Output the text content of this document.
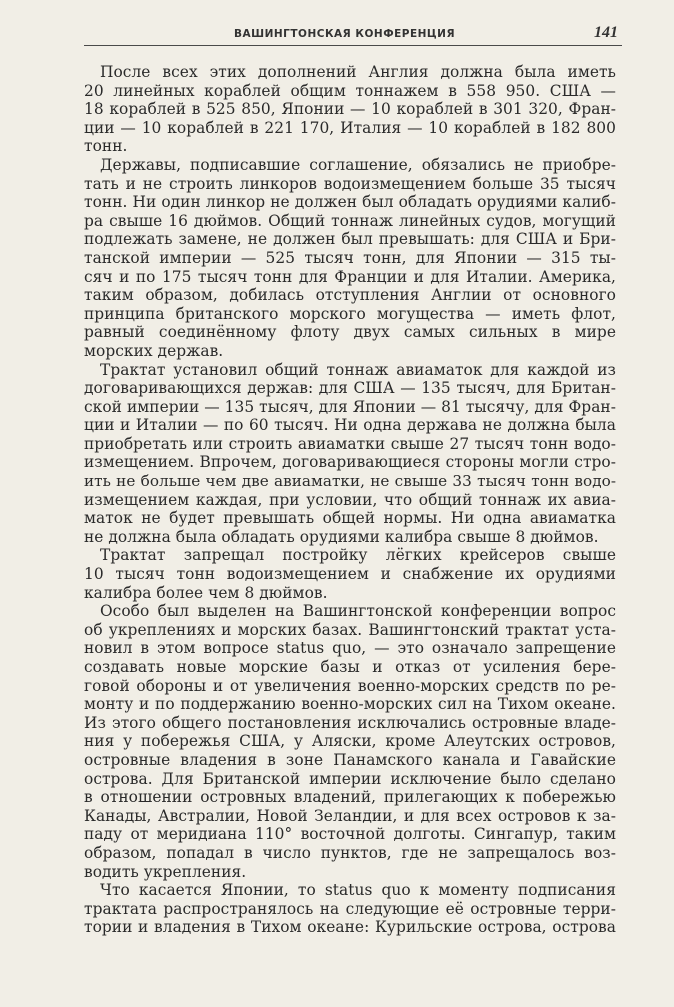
ВАШИНГТОНСКАЯ КОНФЕРЕНЦИЯ	141
После всех этих дополнений Англия должна была иметь
20 линейных кораблей общим тоннажем в 558 950. США —
18 кораблей в 525 850, Японии — 10 кораблей в 301 320, Фран-
ции — 10 кораблей в 221 170, Италия — 10 кораблей в 182 800
тонн.
Державы, подписавшие соглашение, обязались не приобре-
тать и не строить линкоров водоизмещением больше 35 тысяч
тонн. Ни один линкор не должен был обладать орудиями калиб-
ра свыше 16 дюймов. Общий тоннаж линейных судов, могущий
подлежать замене, не должен был превышать: для США и Бри-
танской империи — 525 тысяч тонн, для Японии — 315 ты-
сяч и по 175 тысяч тонн для Франции и для Италии. Америка,
таким образом, добилась отступления Англии от основного
принципа британского морского могущества — иметь флот,
равный соединённому флоту двух самых сильных в мире
морских держав.
Трактат установил общий тоннаж авиаматок для каждой из
договаривающихся держав: для США — 135 тысяч, для Британ-
ской империи — 135 тысяч, для Японии — 81 тысячу, для Фран-
ции и Италии — по 60 тысяч. Ни одна держава не должна была
приобретать или строить авиаматки свыше 27 тысяч тонн водо-
измещением. Впрочем, договаривающиеся стороны могли стро-
ить не больше чем две авиаматки, не свыше 33 тысяч тонн водо-
измещением каждая, при условии, что общий тоннаж их авиа-
маток не будет превышать общей нормы. Ни одна авиаматка
не должна была обладать орудиями калибра свыше 8 дюймов.
Трактат запрещал постройку лёгких крейсеров свыше
10 тысяч тонн водоизмещением и снабжение их орудиями
калибра более чем 8 дюймов.
Особо был выделен на Вашингтонской конференции вопрос
об укреплениях и морских базах. Вашингтонский трактат уста-
новил в этом вопросе status quo, — это означало запрещение
создавать новые морские базы и отказ от усиления бере-
говой обороны и от увеличения военно-морских средств по ре-
монту и по поддержанию военно-морских сил на Тихом океане.
Из этого общего постановления исключались островные владе-
ния у побережья США, у Аляски, кроме Алеутских островов,
островные владения в зоне Панамского канала и Гавайские
острова. Для Британской империи исключение было сделано
в отношении островных владений, прилегающих к побережью
Канады, Австралии, Новой Зеландии, и для всех островов к за-
паду от меридиана 110° восточной долготы. Сингапур, таким
образом, попадал в число пунктов, где не запрещалось воз-
водить укрепления.
Что касается Японии, то status quo к моменту подписания
трактата распространялось на следующие её островные терри-
тории и владения в Тихом океане: Курильские острова, острова
